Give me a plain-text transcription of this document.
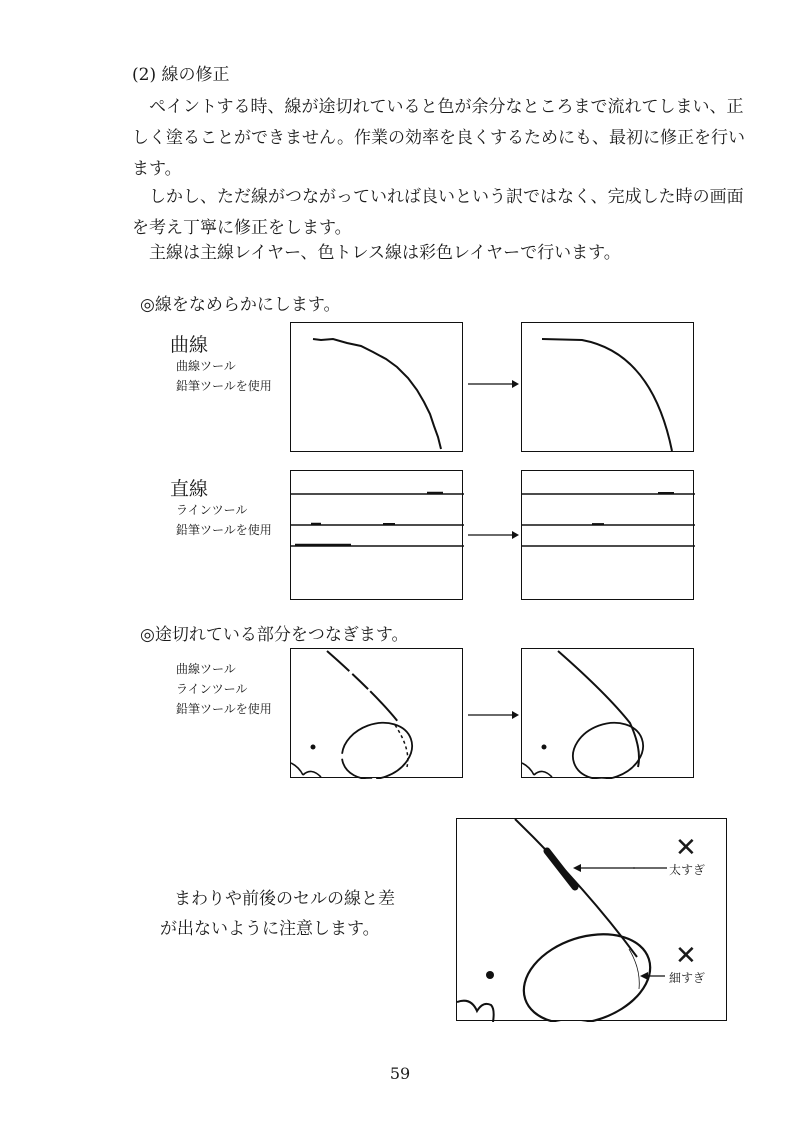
(2) 線の修正

ペイントする時、線が途切れていると色が余分なところまで流れてしまい、正しく塗ることができません。作業の効率を良くするためにも、最初に修正を行います。

しかし、ただ線がつながっていれば良いという訳ではなく、完成した時の画面を考え丁寧に修正をします。

主線は主線レイヤー、色トレス線は彩色レイヤーで行います。

◎線をなめらかにします。
曲線
曲線ツール
鉛筆ツールを使用
直線
ラインツール
鉛筆ツールを使用
◎途切れている部分をつなぎます。
曲線ツール
ラインツール
鉛筆ツールを使用
まわりや前後のセルの線と差
が出ないように注意します。
✕
太すぎ
✕
細すぎ
59
